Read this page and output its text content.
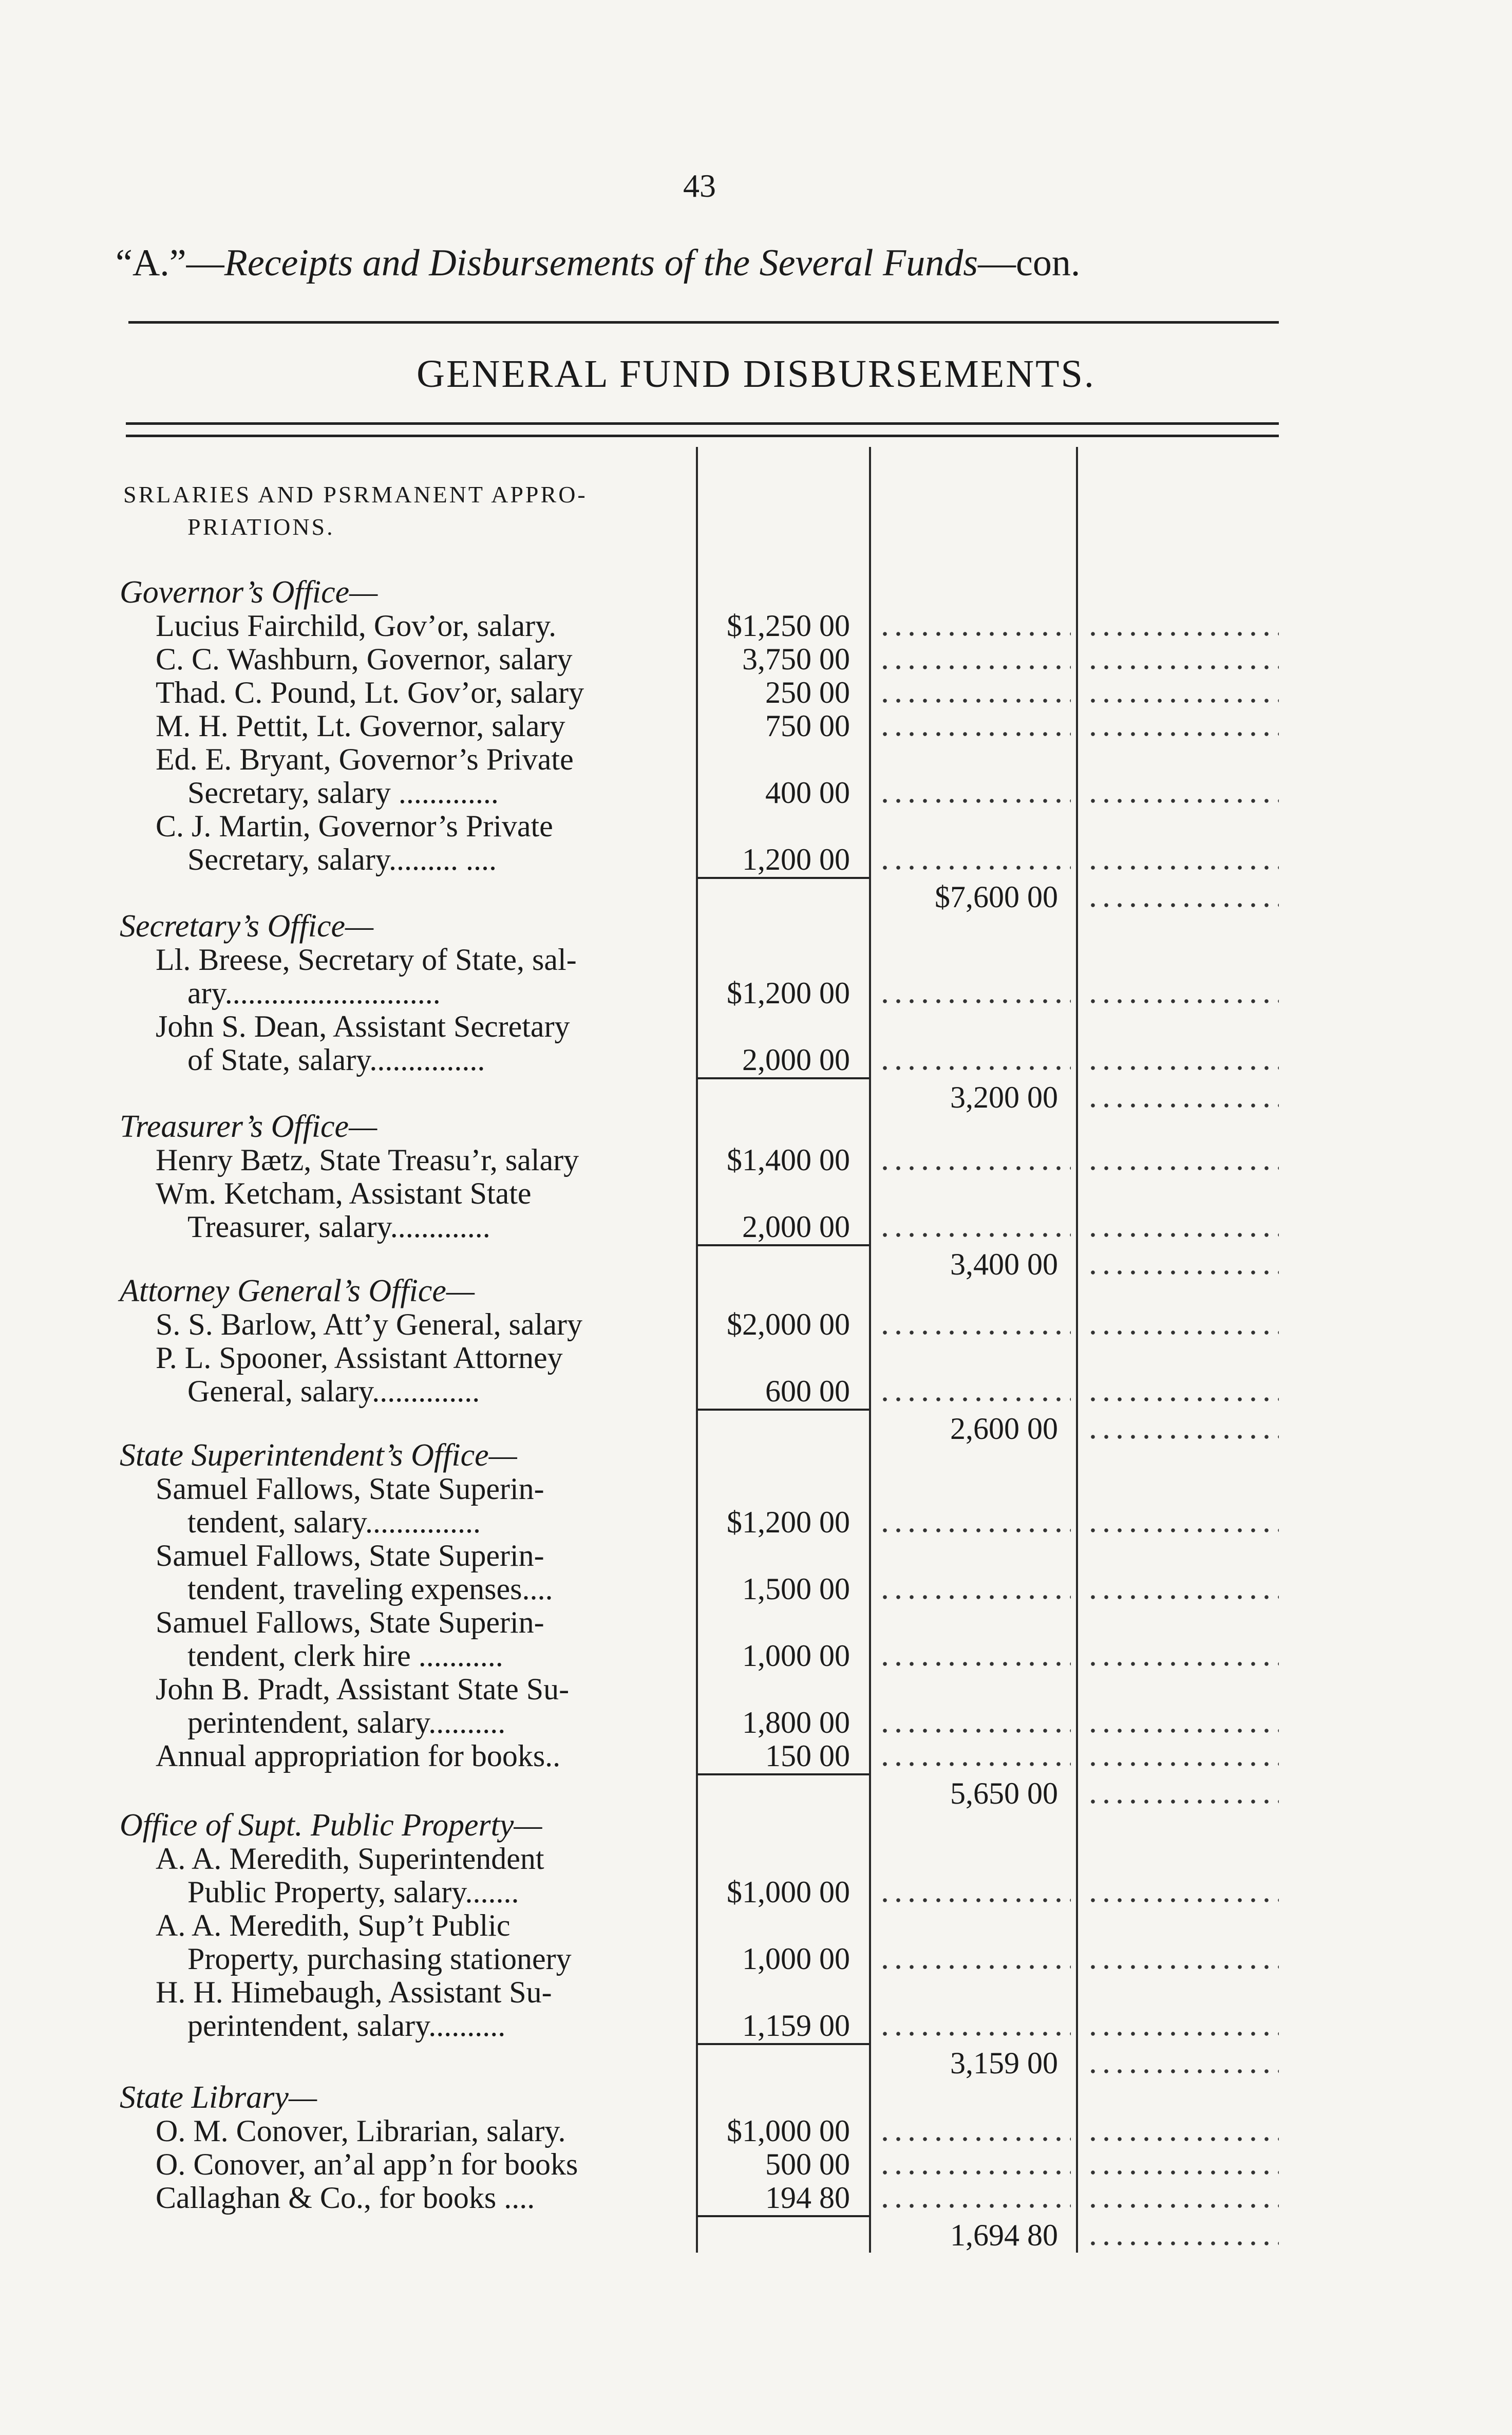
43
“A.”—Receipts and Disbursements of the Several Funds—con.
GENERAL FUND DISBURSEMENTS.
SRLARIES AND PSRMANENT APPRO-
PRIATIONS.
Governor’s Office—
Lucius Fairchild, Gov’or, salary.	$1,250 00
C. C. Washburn, Governor, salary	3,750 00
Thad. C. Pound, Lt. Gov’or, salary	250 00
M. H. Pettit, Lt. Governor, salary	750 00
Ed. E. Bryant, Governor’s Private
Secretary, salary .............	400 00
C. J. Martin, Governor’s Private
Secretary, salary......... ....	1,200 00
$7,600 00
Secretary’s Office—
Ll. Breese, Secretary of State, sal-
ary............................	$1,200 00
John S. Dean, Assistant Secretary
of State, salary...............	2,000 00
3,200 00
Treasurer’s Office—
Henry Bætz, State Treasu’r, salary	$1,400 00
Wm. Ketcham, Assistant State
Treasurer, salary.............	2,000 00
3,400 00
Attorney General’s Office—
S. S. Barlow, Att’y General, salary	$2,000 00
P. L. Spooner, Assistant Attorney
General, salary..............	600 00
2,600 00
State Superintendent’s Office—
Samuel Fallows, State Superin-
tendent, salary...............	$1,200 00
Samuel Fallows, State Superin-
tendent, traveling expenses....	1,500 00
Samuel Fallows, State Superin-
tendent, clerk hire ...........	1,000 00
John B. Pradt, Assistant State Su-
perintendent, salary..........	1,800 00
Annual appropriation for books..	150 00
5,650 00
Office of Supt. Public Property—
A. A. Meredith, Superintendent
Public Property, salary.......	$1,000 00
A. A. Meredith, Sup’t Public
Property, purchasing stationery	1,000 00
H. H. Himebaugh, Assistant Su-
perintendent, salary..........	1,159 00
3,159 00
State Library—
O. M. Conover, Librarian, salary.	$1,000 00
O. Conover, an’al app’n for books	500 00
Callaghan & Co., for books ....	194 80
1,694 80
